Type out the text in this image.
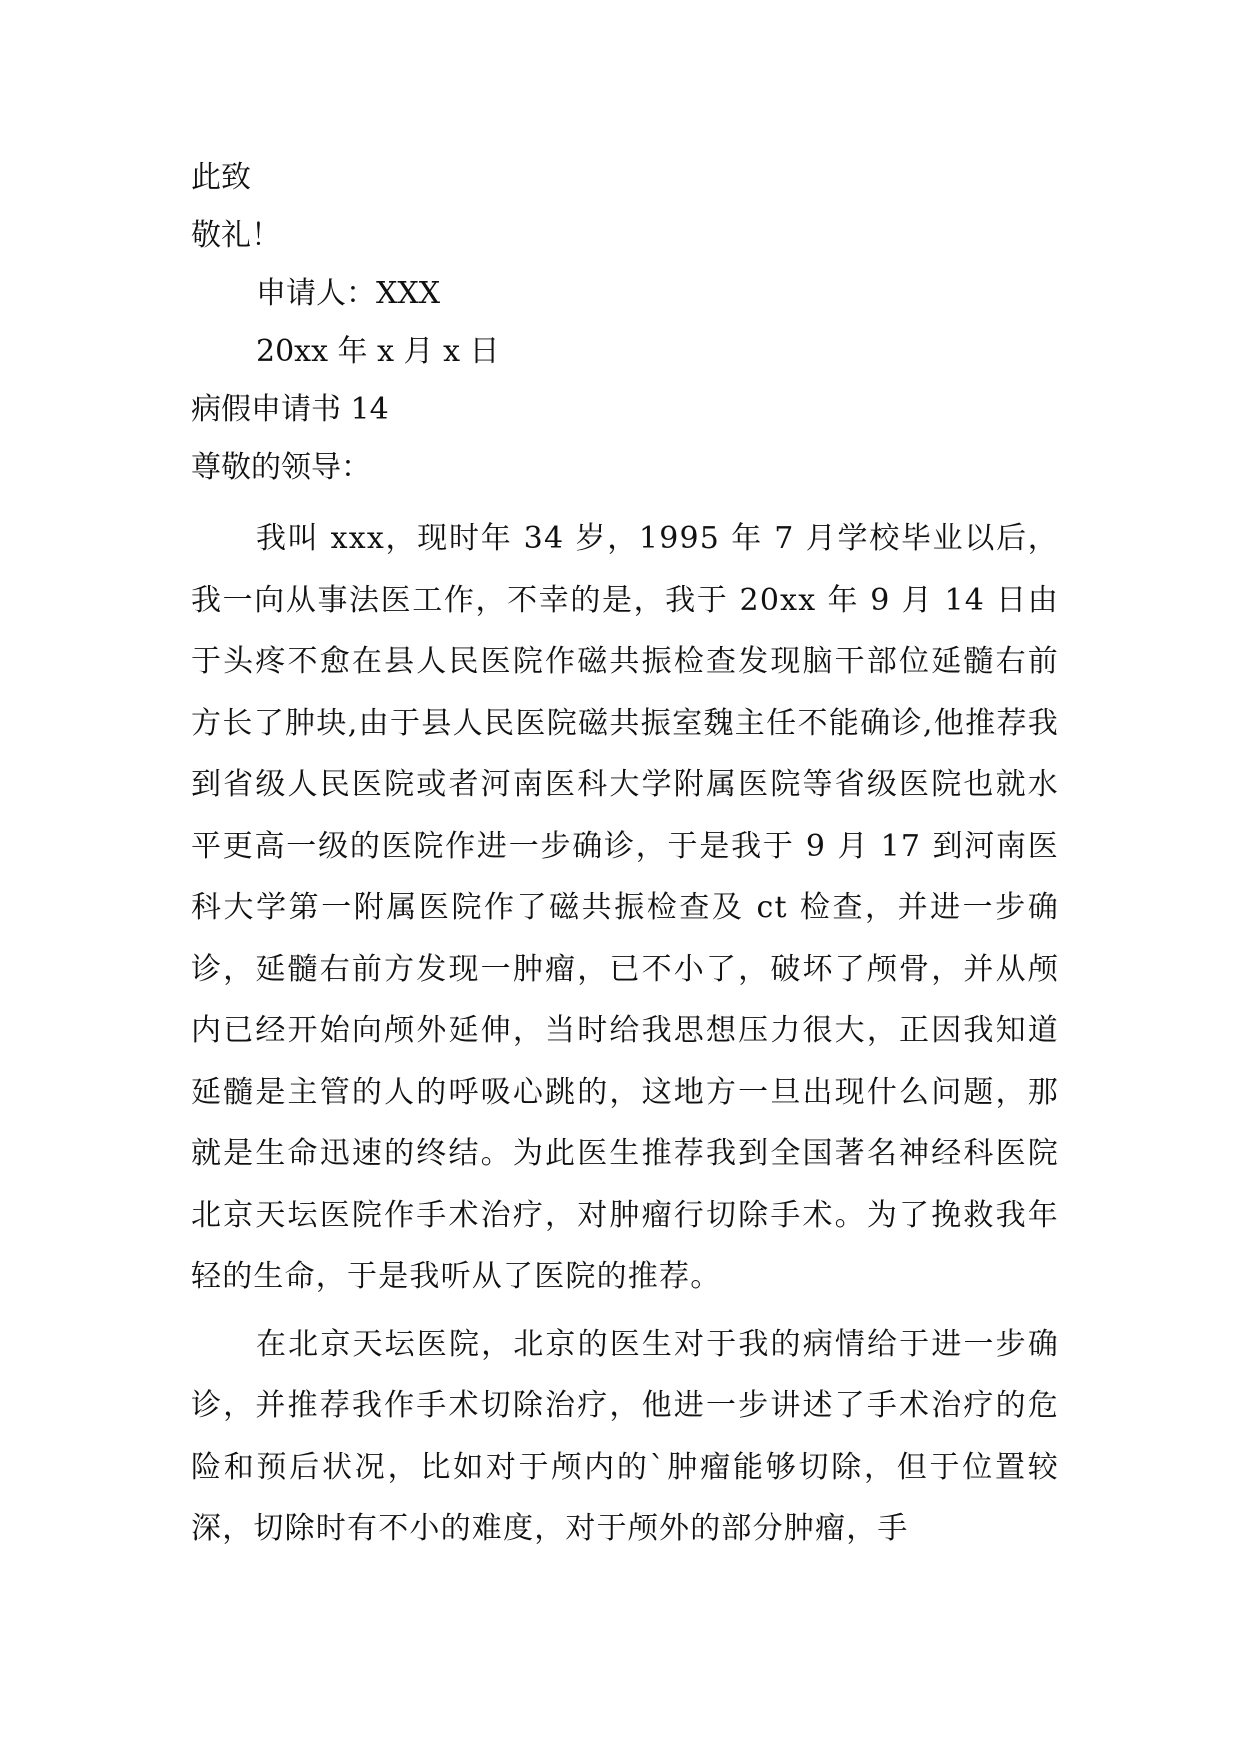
此致
敬礼！
申请人：XXX
20xx 年 x 月 x 日
病假申请书 14
尊敬的领导：

我叫 xxx，现时年 34 岁，1995 年 7 月学校毕业以后，我一向从事法医工作，不幸的是，我于 20xx 年 9 月 14 日由于头疼不愈在县人民医院作磁共振检查发现脑干部位延髓右前方长了肿块,由于县人民医院磁共振室魏主任不能确诊,他推荐我到省级人民医院或者河南医科大学附属医院等省级医院也就水平更高一级的医院作进一步确诊，于是我于 9 月 17 到河南医科大学第一附属医院作了磁共振检查及 ct 检查，并进一步确诊，延髓右前方发现一肿瘤，已不小了，破坏了颅骨，并从颅内已经开始向颅外延伸，当时给我思想压力很大，正因我知道延髓是主管的人的呼吸心跳的，这地方一旦出现什么问题，那就是生命迅速的终结。为此医生推荐我到全国著名神经科医院北京天坛医院作手术治疗，对肿瘤行切除手术。为了挽救我年轻的生命，于是我听从了医院的推荐。

在北京天坛医院，北京的医生对于我的病情给于进一步确诊，并推荐我作手术切除治疗，他进一步讲述了手术治疗的危险和预后状况，比如对于颅内的`肿瘤能够切除，但于位置较深，切除时有不小的难度，对于颅外的部分肿瘤，手
